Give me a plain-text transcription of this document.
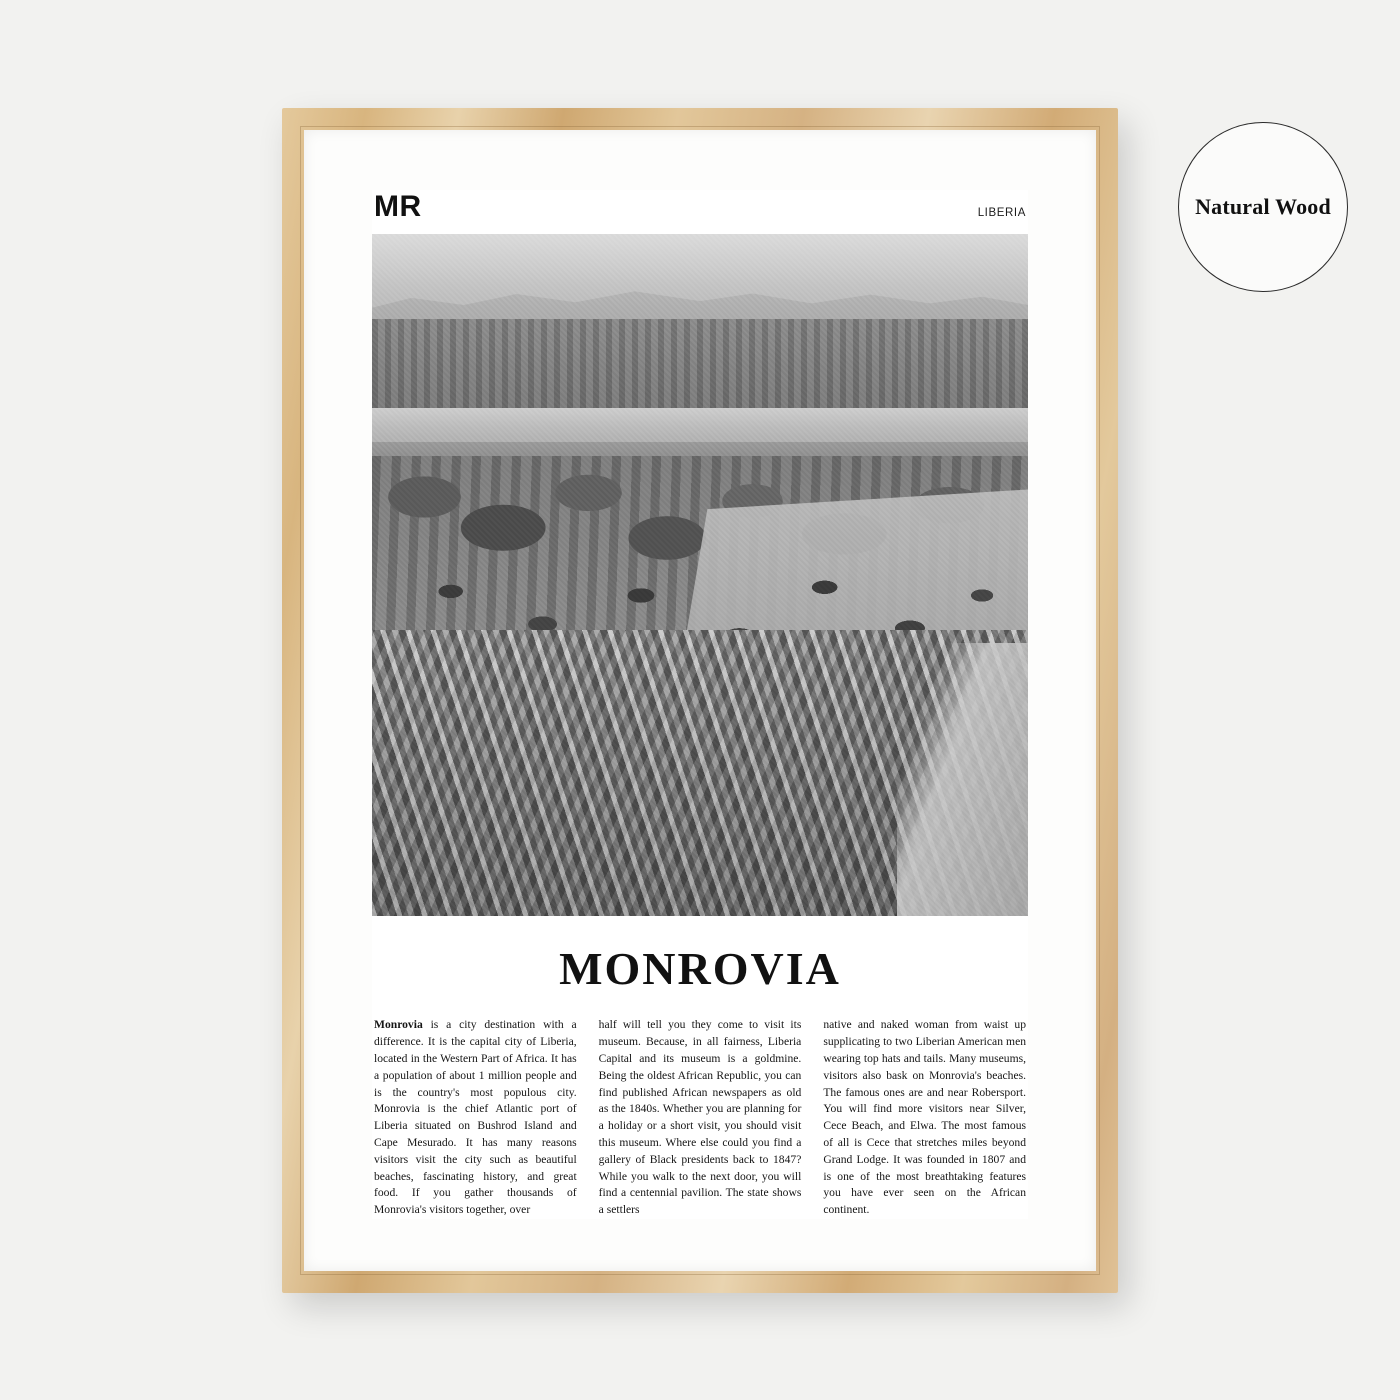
MR	LIBERIA
MONROVIA
Monrovia is a city destination with a difference. It is the capital city of Liberia, located in the Western Part of Africa. It has a population of about 1 million people and is the country's most populous city. Monrovia is the chief Atlantic port of Liberia situated on Bushrod Island and Cape Mesurado. It has many reasons visitors visit the city such as beautiful beaches, fascinating history, and great food. If you gather thousands of Monrovia's visitors together, over
half will tell you they come to visit its museum. Because, in all fairness, Liberia Capital and its museum is a goldmine. Being the oldest African Republic, you can find published African newspapers as old as the 1840s. Whether you are planning for a holiday or a short visit, you should visit this museum. Where else could you find a gallery of Black presidents back to 1847? While you walk to the next door, you will find a centennial pavilion. The state shows a settlers
native and naked woman from waist up supplicating to two Liberian American men wearing top hats and tails. Many museums, visitors also bask on Monrovia's beaches. The famous ones are and near Robersport. You will find more visitors near Silver, Cece Beach, and Elwa. The most famous of all is Cece that stretches miles beyond Grand Lodge. It was founded in 1807 and is one of the most breathtaking features you have ever seen on the African continent.
Natural Wood
